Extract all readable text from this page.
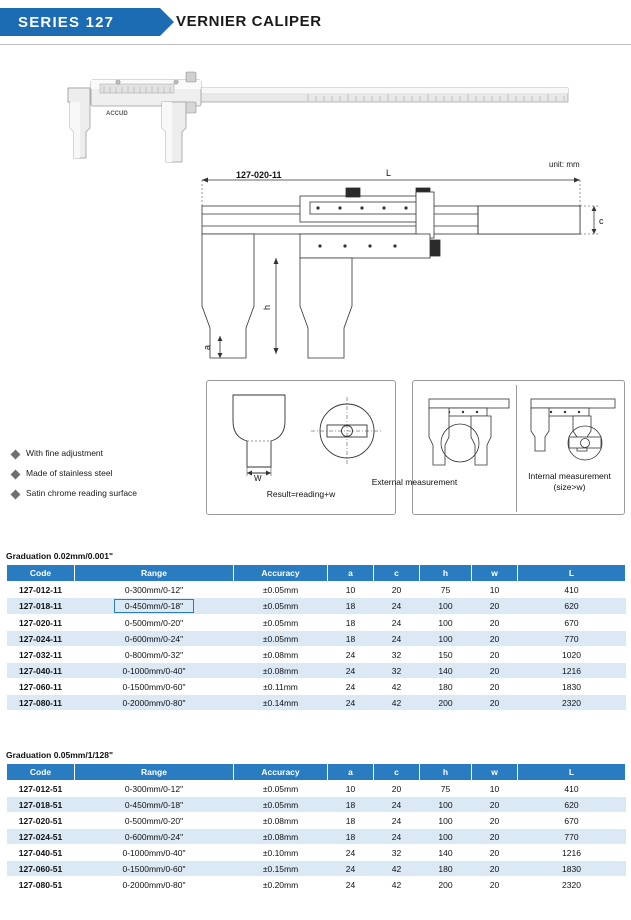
SERIES 127	VERNIER CALIPER
ACCUD
127-020-11
unit: mm
L
c
h
a
With fine adjustment
Made of stainless steel
Satin chrome reading surface
W
Result=reading+w
External measurement
Internal measurement (size>w)
Graduation 0.02mm/0.001"
Code	Range	Accuracy	a	c	h	w	L
127-012-11	0-300mm/0-12"	±0.05mm	10	20	75	10	410
127-018-11	0-450mm/0-18"	±0.05mm	18	24	100	20	620
127-020-11	0-500mm/0-20"	±0.05mm	18	24	100	20	670
127-024-11	0-600mm/0-24"	±0.05mm	18	24	100	20	770
127-032-11	0-800mm/0-32"	±0.08mm	24	32	150	20	1020
127-040-11	0-1000mm/0-40"	±0.08mm	24	32	140	20	1216
127-060-11	0-1500mm/0-60"	±0.11mm	24	42	180	20	1830
127-080-11	0-2000mm/0-80"	±0.14mm	24	42	200	20	2320
Graduation 0.05mm/1/128"
Code	Range	Accuracy	a	c	h	w	L
127-012-51	0-300mm/0-12"	±0.05mm	10	20	75	10	410
127-018-51	0-450mm/0-18"	±0.05mm	18	24	100	20	620
127-020-51	0-500mm/0-20"	±0.08mm	18	24	100	20	670
127-024-51	0-600mm/0-24"	±0.08mm	18	24	100	20	770
127-040-51	0-1000mm/0-40"	±0.10mm	24	32	140	20	1216
127-060-51	0-1500mm/0-60"	±0.15mm	24	42	180	20	1830
127-080-51	0-2000mm/0-80"	±0.20mm	24	42	200	20	2320
